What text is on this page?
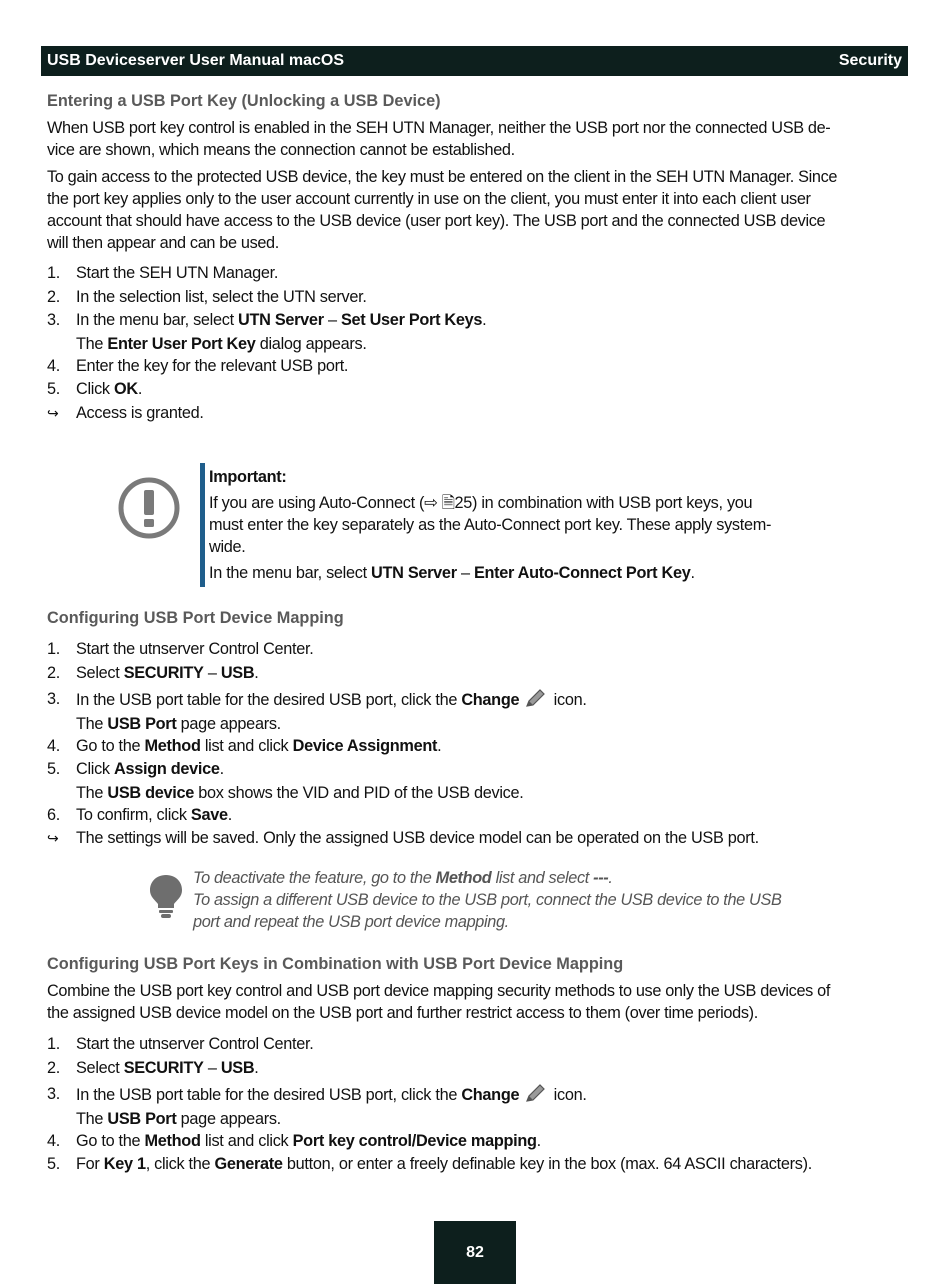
USB Deviceserver User Manual macOS	Security
Entering a USB Port Key (Unlocking a USB Device)
When USB port key control is enabled in the SEH UTN Manager, neither the USB port nor the connected USB de-
vice are shown, which means the connection cannot be established.
To gain access to the protected USB device, the key must be entered on the client in the SEH UTN Manager. Since
the port key applies only to the user account currently in use on the client, you must enter it into each client user
account that should have access to the USB device (user port key). The USB port and the connected USB device
will then appear and can be used.
1. Start the SEH UTN Manager.
2. In the selection list, select the UTN server.
3. In the menu bar, select UTN Server – Set User Port Keys.
The Enter User Port Key dialog appears.
4. Enter the key for the relevant USB port.
5. Click OK.
↪ Access is granted.

Important:

If you are using Auto-Connect (⇨ 🗎25) in combination with USB port keys, you
must enter the key separately as the Auto-Connect port key. These apply system-
wide.

In the menu bar, select UTN Server – Enter Auto-Connect Port Key.

Configuring USB Port Device Mapping
1. Start the utnserver Control Center.
2. Select SECURITY – USB.
3. In the USB port table for the desired USB port, click the Change  icon.
The USB Port page appears.
4. Go to the Method list and click Device Assignment.
5. Click Assign device.
The USB device box shows the VID and PID of the USB device.
6. To confirm, click Save.
↪ The settings will be saved. Only the assigned USB device model can be operated on the USB port.
To deactivate the feature, go to the Method list and select ---.
To assign a different USB device to the USB port, connect the USB device to the USB
port and repeat the USB port device mapping.
Configuring USB Port Keys in Combination with USB Port Device Mapping
Combine the USB port key control and USB port device mapping security methods to use only the USB devices of
the assigned USB device model on the USB port and further restrict access to them (over time periods).
1. Start the utnserver Control Center.
2. Select SECURITY – USB.
3. In the USB port table for the desired USB port, click the Change  icon.
The USB Port page appears.
4. Go to the Method list and click Port key control/Device mapping.
5. For Key 1, click the Generate button, or enter a freely definable key in the box (max. 64 ASCII characters).
82
